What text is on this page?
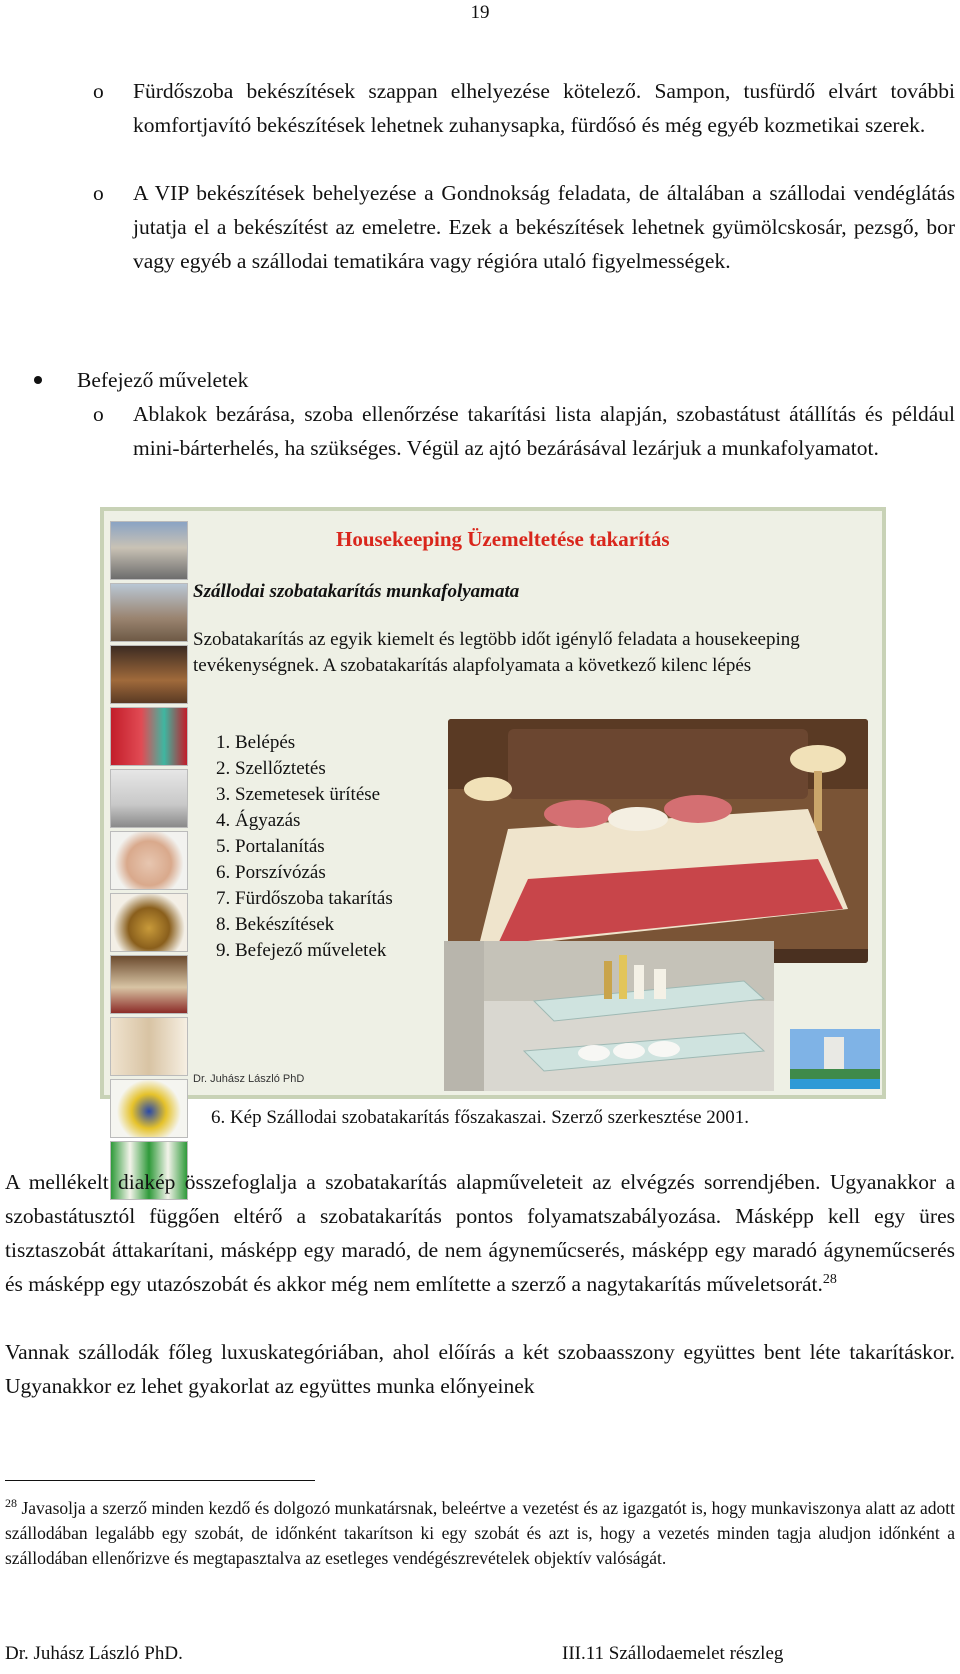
19
o Fürdőszoba bekészítések szappan elhelyezése kötelező. Sampon, tusfürdő elvárt további komfortjavító bekészítések lehetnek zuhanysapka, fürdősó és még egyéb kozmetikai szerek.
o A VIP bekészítések behelyezése a Gondnokság feladata, de általában a szállodai vendéglátás jutatja el a bekészítést az emeletre. Ezek a bekészítések lehetnek gyümölcskosár, pezsgő, bor vagy egyéb a szállodai tematikára vagy régióra utaló figyelmességek.
Befejező műveletek
o Ablakok bezárása, szoba ellenőrzése takarítási lista alapján, szobastátust átállítás és például mini-bárterhelés, ha szükséges. Végül az ajtó bezárásával lezárjuk a munkafolyamatot.
Housekeeping Üzemeltetése takarítás
Szállodai szobatakarítás munkafolyamata
Szobatakarítás az egyik kiemelt és legtöbb időt igénylő feladata a housekeeping tevékenységnek. A szobatakarítás alapfolyamata a következő kilenc lépés
1. Belépés
2. Szellőztetés
3. Szemetesek ürítése
4. Ágyazás
5. Portalanítás
6. Porszívózás
7. Fürdőszoba takarítás
8. Bekészítések
9. Befejező műveletek
Dr. Juhász László PhD
6. Kép Szállodai szobatakarítás főszakaszai. Szerző szerkesztése 2001.
A mellékelt diakép összefoglalja a szobatakarítás alapműveleteit az elvégzés sorrendjében. Ugyanakkor a szobastátusztól függően eltérő a szobatakarítás pontos folyamatszabályozása. Másképp kell egy üres tisztaszobát áttakarítani, másképp egy maradó, de nem ágyneműcserés, másképp egy maradó ágyneműcserés és másképp egy utazószobát és akkor még nem említette a szerző a nagytakarítás műveletsorát.$^{28}$
Vannak szállodák főleg luxuskategóriában, ahol előírás a két szobaasszony együttes bent léte takarításkor. Ugyanakkor ez lehet gyakorlat az együttes munka előnyeinek
$^{28}$ Javasolja a szerző minden kezdő és dolgozó munkatársnak, beleértve a vezetést és az igazgatót is, hogy munkaviszonya alatt az adott szállodában legalább egy szobát, de időnként takarítson ki egy szobát és azt is, hogy a vezetés minden tagja aludjon időnként a szállodában ellenőrizve és megtapasztalva az esetleges vendégészrevételek objektív valóságát.
Dr. Juhász László PhD.	III.11 Szállodaemelet részleg
